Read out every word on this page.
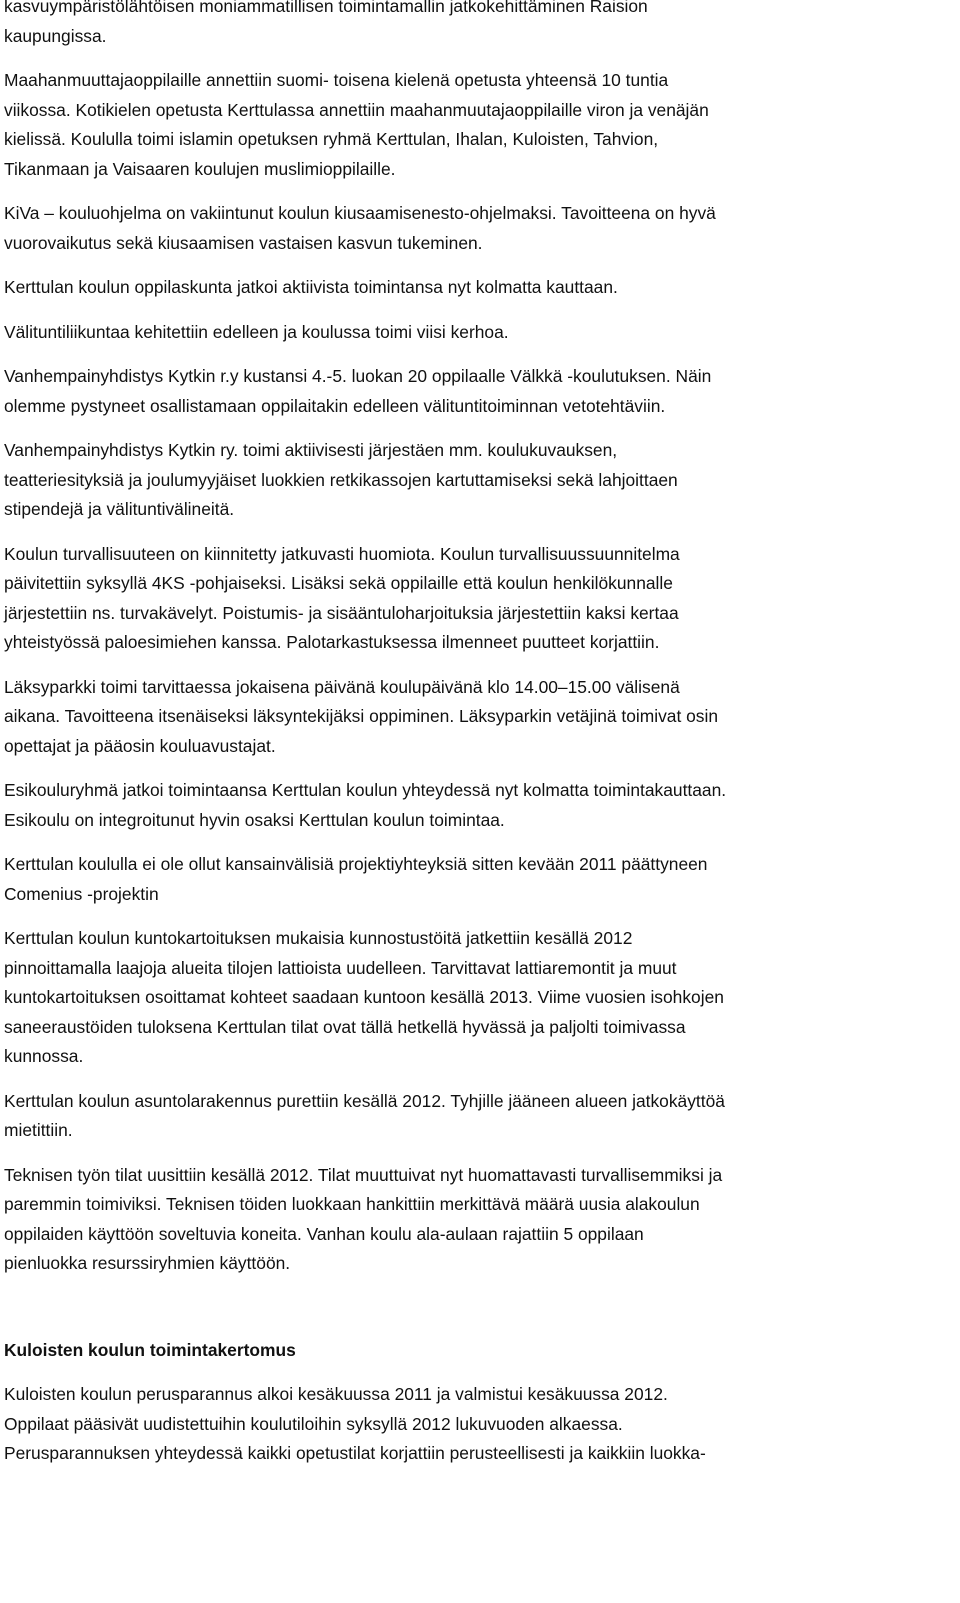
kasvuympäristölähtöisen moniammatillisen toimintamallin jatkokehittäminen Raision
kaupungissa.

Maahanmuuttajaoppilaille annettiin suomi- toisena kielenä opetusta yhteensä 10 tuntia
viikossa. Kotikielen opetusta Kerttulassa annettiin maahanmuutajaoppilaille viron ja venäjän
kielissä. Koululla toimi islamin opetuksen ryhmä Kerttulan, Ihalan, Kuloisten, Tahvion,
Tikanmaan ja Vaisaaren koulujen muslimioppilaille.

KiVa – kouluohjelma on vakiintunut koulun kiusaamisenesto-ohjelmaksi. Tavoitteena on hyvä
vuorovaikutus sekä kiusaamisen vastaisen kasvun tukeminen.

Kerttulan koulun oppilaskunta jatkoi aktiivista toimintansa nyt kolmatta kauttaan.

Välituntiliikuntaa kehitettiin edelleen ja koulussa toimi viisi kerhoa.

Vanhempainyhdistys Kytkin r.y kustansi 4.-5. luokan 20 oppilaalle Välkkä -koulutuksen. Näin
olemme pystyneet osallistamaan oppilaitakin edelleen välituntitoiminnan vetotehtäviin.

Vanhempainyhdistys Kytkin ry. toimi aktiivisesti järjestäen mm. koulukuvauksen,
teatteriesityksiä ja joulumyyjäiset luokkien retkikassojen kartuttamiseksi sekä lahjoittaen
stipendejä ja välituntivälineitä.

Koulun turvallisuuteen on kiinnitetty jatkuvasti huomiota. Koulun turvallisuussuunnitelma
päivitettiin syksyllä 4KS -pohjaiseksi. Lisäksi sekä oppilaille että koulun henkilökunnalle
järjestettiin ns. turvakävelyt. Poistumis- ja sisääntuloharjoituksia järjestettiin kaksi kertaa
yhteistyössä paloesimiehen kanssa. Palotarkastuksessa ilmenneet puutteet korjattiin.

Läksyparkki toimi tarvittaessa jokaisena päivänä koulupäivänä klo 14.00–15.00 välisenä
aikana. Tavoitteena itsenäiseksi läksyntekijäksi oppiminen. Läksyparkin vetäjinä toimivat osin
opettajat ja pääosin kouluavustajat.

Esikouluryhmä jatkoi toimintaansa Kerttulan koulun yhteydessä nyt kolmatta toimintakauttaan.
Esikoulu on integroitunut hyvin osaksi Kerttulan koulun toimintaa.

Kerttulan koululla ei ole ollut kansainvälisiä projektiyhteyksiä sitten kevään 2011 päättyneen
Comenius -projektin

Kerttulan koulun kuntokartoituksen mukaisia kunnostustöitä jatkettiin kesällä 2012
pinnoittamalla laajoja alueita tilojen lattioista uudelleen. Tarvittavat lattiaremontit ja muut
kuntokartoituksen osoittamat kohteet saadaan kuntoon kesällä 2013. Viime vuosien isohkojen
saneeraustöiden tuloksena Kerttulan tilat ovat tällä hetkellä hyvässä ja paljolti toimivassa
kunnossa.

Kerttulan koulun asuntolarakennus purettiin kesällä 2012. Tyhjille jääneen alueen jatkokäyttöä
mietittiin.

Teknisen työn tilat uusittiin kesällä 2012. Tilat muuttuivat nyt huomattavasti turvallisemmiksi ja
paremmin toimiviksi. Teknisen töiden luokkaan hankittiin merkittävä määrä uusia alakoulun
oppilaiden käyttöön soveltuvia koneita. Vanhan koulu ala-aulaan rajattiin 5 oppilaan
pienluokka resurssiryhmien käyttöön.

Kuloisten koulun toimintakertomus

Kuloisten koulun perusparannus alkoi kesäkuussa 2011 ja valmistui kesäkuussa 2012.
Oppilaat pääsivät uudistettuihin koulutiloihin syksyllä 2012 lukuvuoden alkaessa.
Perusparannuksen yhteydessä kaikki opetustilat korjattiin perusteellisesti ja kaikkiin luokka-
